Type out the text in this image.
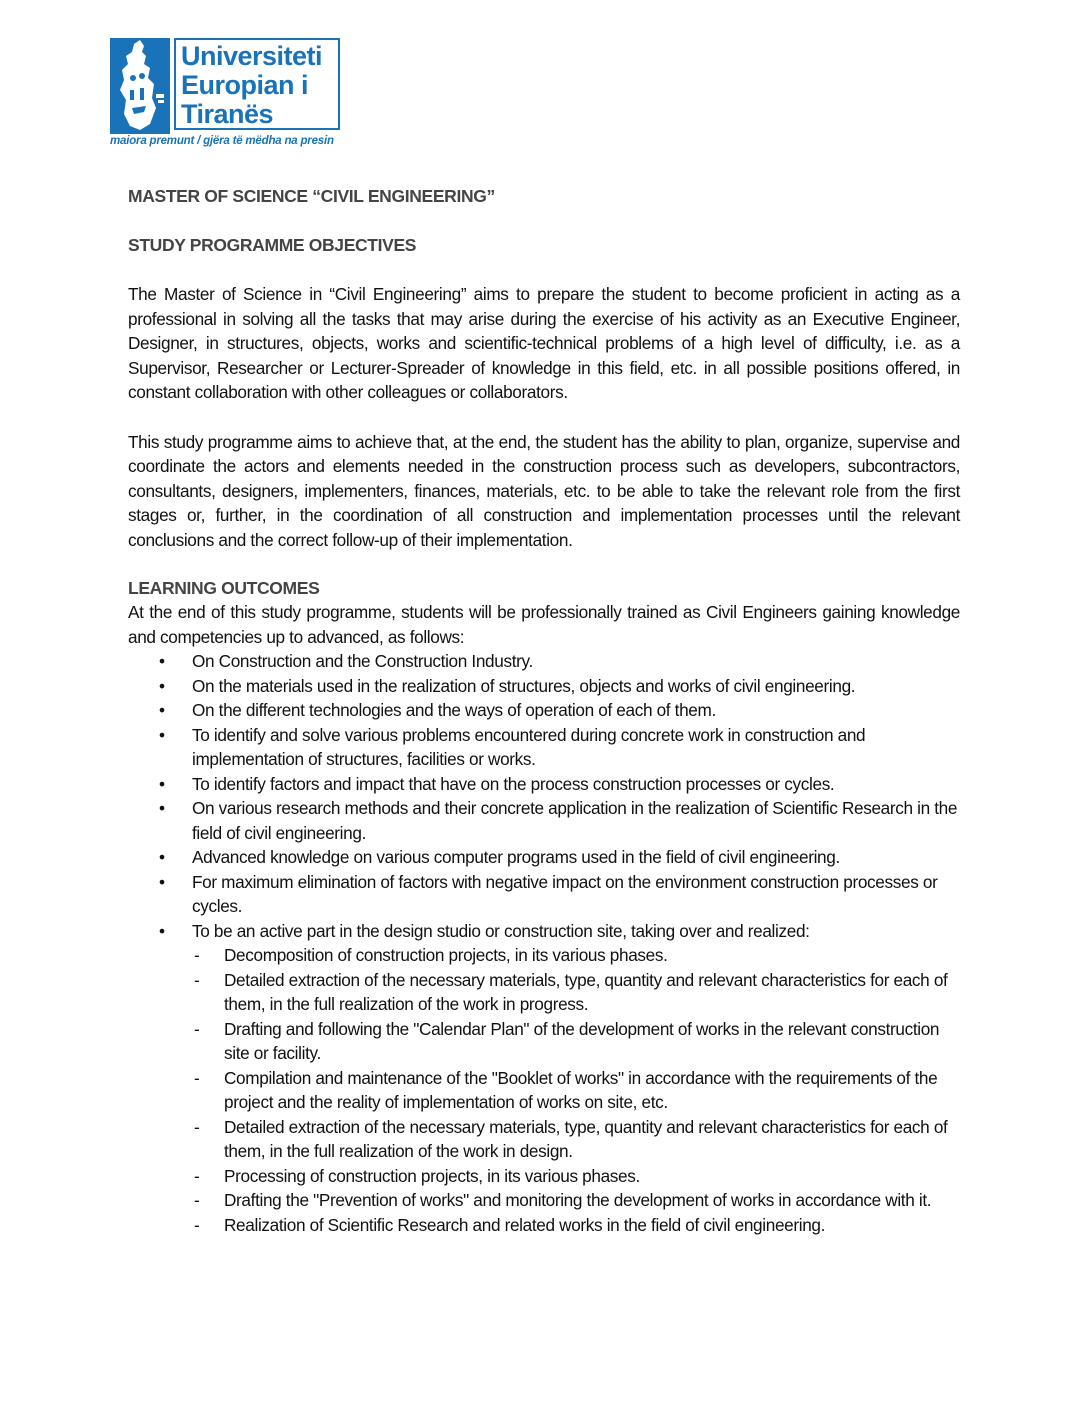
Universiteti
Europian i
Tiranës
maiora premunt / gjëra të mëdha na presin
MASTER OF SCIENCE “CIVIL ENGINEERING”
STUDY PROGRAMME OBJECTIVES

The Master of Science in “Civil Engineering” aims to prepare the student to become proficient in acting as a professional in solving all the tasks that may arise during the exercise of his activity as an Executive Engineer, Designer, in structures, objects, works and scientific-technical problems of a high level of difficulty, i.e. as a Supervisor, Researcher or Lecturer-Spreader of knowledge in this field, etc. in all possible positions offered, in constant collaboration with other colleagues or collaborators.

This study programme aims to achieve that, at the end, the student has the ability to plan, organize, supervise and coordinate the actors and elements needed in the construction process such as developers, subcontractors, consultants, designers, implementers, finances, materials, etc. to be able to take the relevant role from the first stages or, further, in the coordination of all construction and implementation processes until the relevant conclusions and the correct follow-up of their implementation.

LEARNING OUTCOMES

At the end of this study programme, students will be professionally trained as Civil Engineers gaining knowledge and competencies up to advanced, as follows:

• On Construction and the Construction Industry.
• On the materials used in the realization of structures, objects and works of civil engineering.
• On the different technologies and the ways of operation of each of them.
• To identify and solve various problems encountered during concrete work in construction and implementation of structures, facilities or works.
• To identify factors and impact that have on the process construction processes or cycles.
• On various research methods and their concrete application in the realization of Scientific Research in the field of civil engineering.
• Advanced knowledge on various computer programs used in the field of civil engineering.
• For maximum elimination of factors with negative impact on the environment construction processes or cycles.
• To be an active part in the design studio or construction site, taking over and realized:
- Decomposition of construction projects, in its various phases.
- Detailed extraction of the necessary materials, type, quantity and relevant characteristics for each of them, in the full realization of the work in progress.
- Drafting and following the "Calendar Plan" of the development of works in the relevant construction site or facility.
- Compilation and maintenance of the "Booklet of works" in accordance with the requirements of the project and the reality of implementation of works on site, etc.
- Detailed extraction of the necessary materials, type, quantity and relevant characteristics for each of them, in the full realization of the work in design.
- Processing of construction projects, in its various phases.
- Drafting the "Prevention of works" and monitoring the development of works in accordance with it.
- Realization of Scientific Research and related works in the field of civil engineering.
